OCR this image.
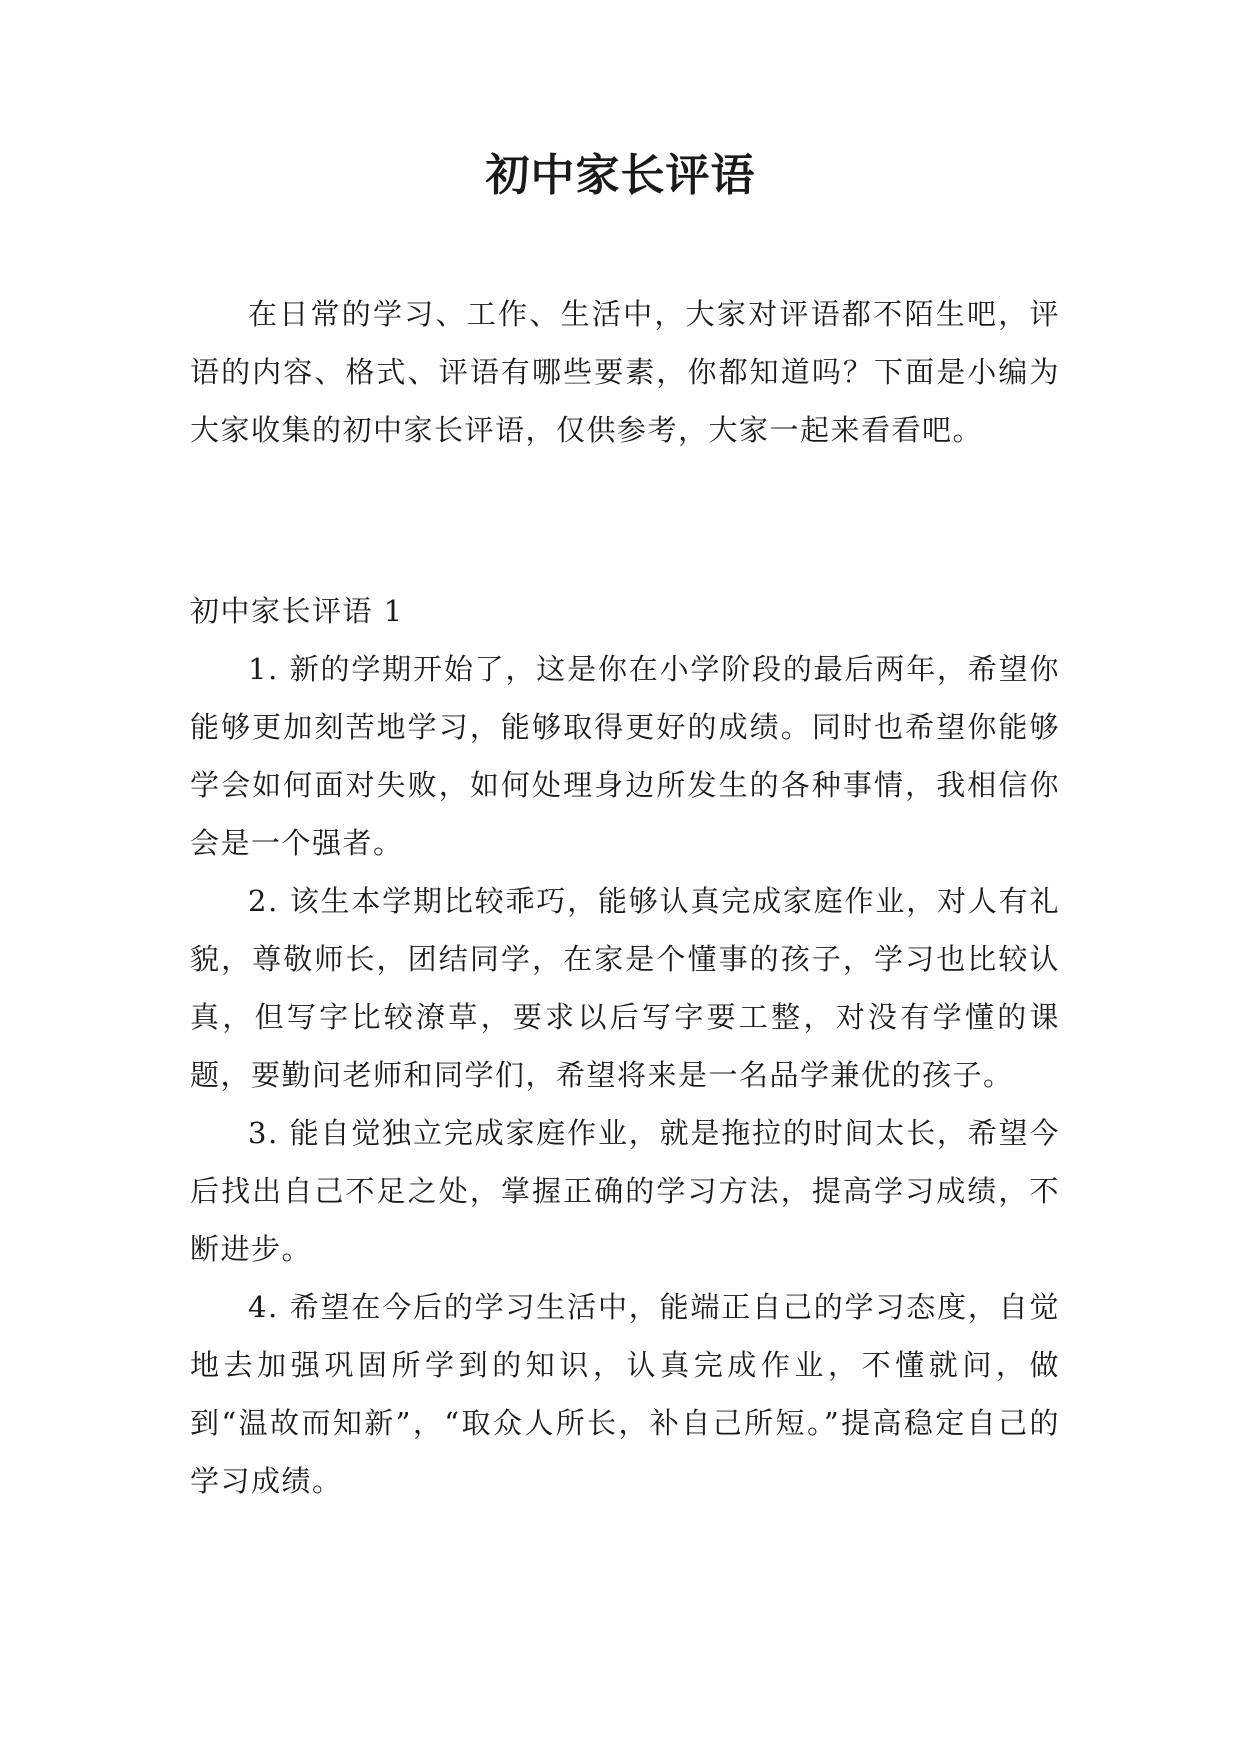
初中家长评语

在日常的学习、工作、生活中，大家对评语都不陌生吧，评语的内容、格式、评语有哪些要素，你都知道吗？下面是小编为大家收集的初中家长评语，仅供参考，大家一起来看看吧。

初中家长评语 1

1. 新的学期开始了，这是你在小学阶段的最后两年，希望你能够更加刻苦地学习，能够取得更好的成绩。同时也希望你能够学会如何面对失败，如何处理身边所发生的各种事情，我相信你会是一个强者。

2. 该生本学期比较乖巧，能够认真完成家庭作业，对人有礼貌，尊敬师长，团结同学，在家是个懂事的孩子，学习也比较认真，但写字比较潦草，要求以后写字要工整，对没有学懂的课题，要勤问老师和同学们，希望将来是一名品学兼优的孩子。

3. 能自觉独立完成家庭作业，就是拖拉的时间太长，希望今后找出自己不足之处，掌握正确的学习方法，提高学习成绩，不断进步。

4. 希望在今后的学习生活中，能端正自己的学习态度，自觉地去加强巩固所学到的知识，认真完成作业，不懂就问，做到“温故而知新”，“取众人所长，补自己所短。”提高稳定自己的学习成绩。
